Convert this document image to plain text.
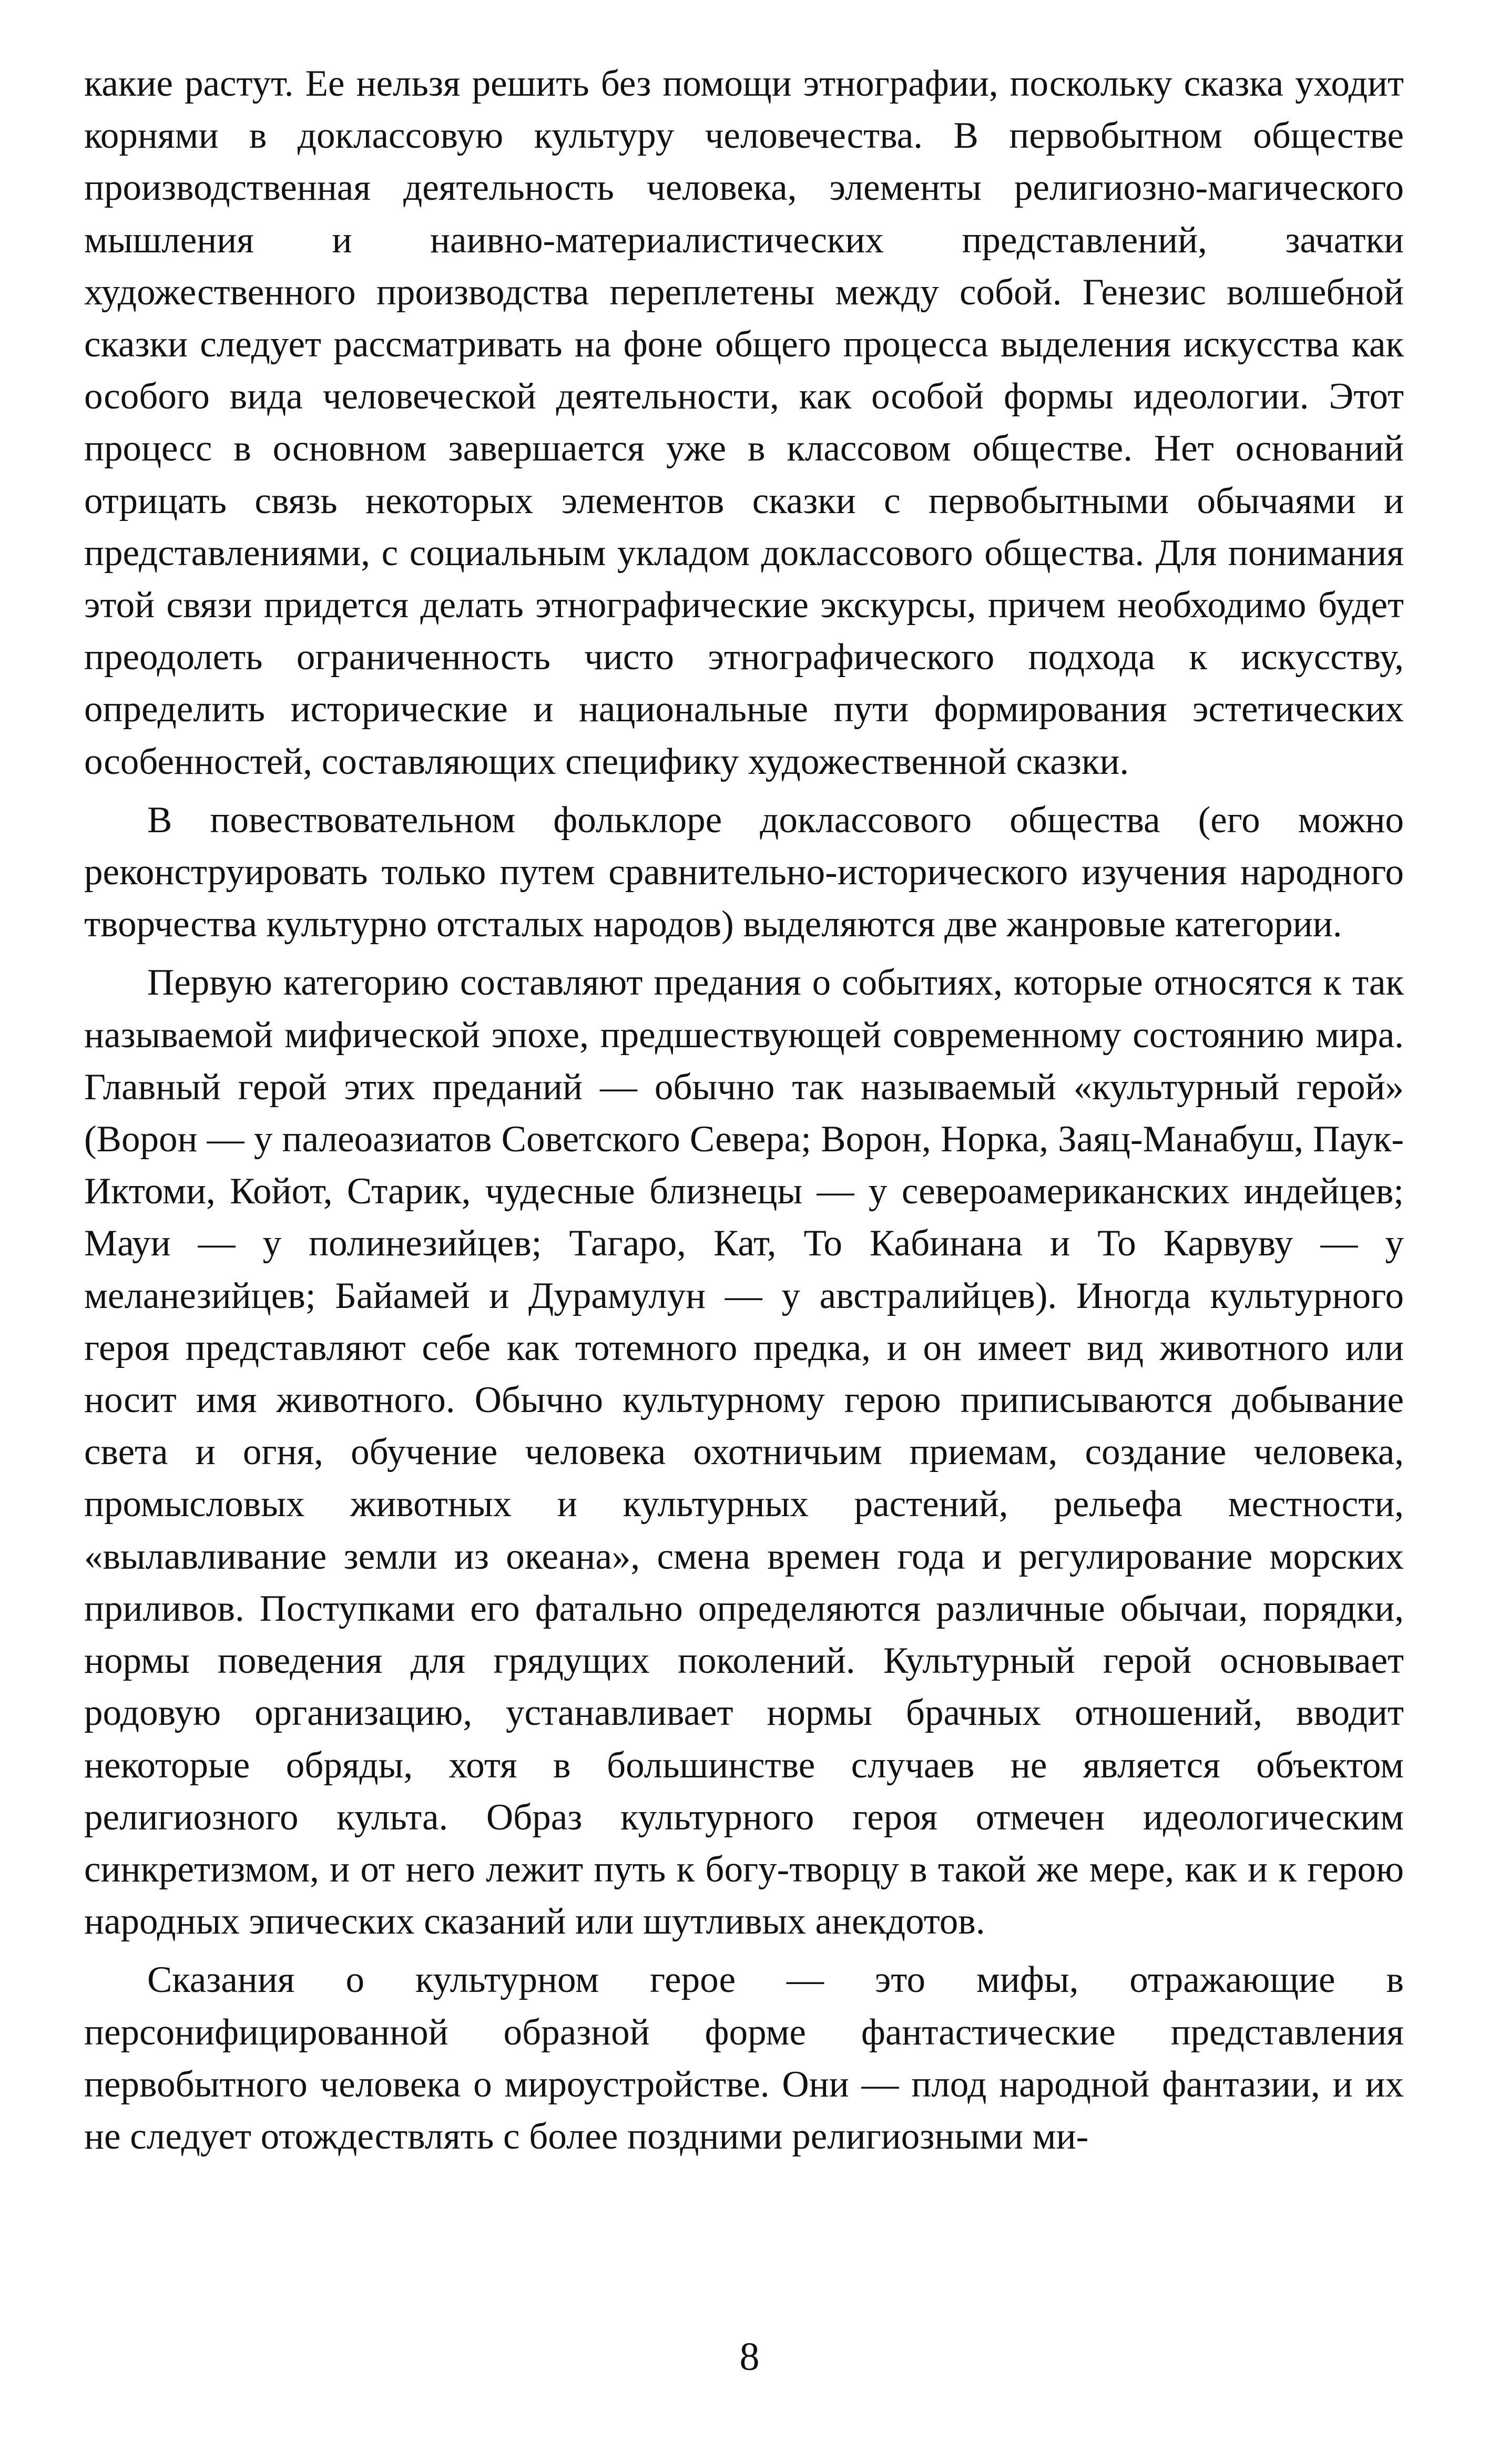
какие растут. Ее нельзя решить без помощи этнографии, поскольку сказка уходит корнями в доклассовую культуру человечества. В первобытном обществе производственная деятельность человека, элементы религиозно-магического мышления и наивно-материалистических представлений, зачатки художественного производства переплетены между собой. Генезис волшебной сказки следует рассматривать на фоне общего процесса выделения искусства как особого вида человеческой деятельности, как особой формы идеологии. Этот процесс в основном завершается уже в классовом обществе. Нет оснований отрицать связь некоторых элементов сказки с первобытными обычаями и представлениями, с социальным укладом доклассового общества. Для понимания этой связи придется делать этнографические экскурсы, причем необходимо будет преодолеть ограниченность чисто этнографического подхода к искусству, определить исторические и национальные пути формирования эстетических особенностей, составляющих специфику художественной сказки.

В повествовательном фольклоре доклассового общества (его можно реконструировать только путем сравнительно-исторического изучения народного творчества культурно отсталых народов) выделяются две жанровые категории.

Первую категорию составляют предания о событиях, которые относятся к так называемой мифической эпохе, предшествующей современному состоянию мира. Главный герой этих преданий — обычно так называемый «культурный герой» (Ворон — у палеоазиатов Советского Севера; Ворон, Норка, Заяц-Манабуш, Паук-Иктоми, Койот, Старик, чудесные близнецы — у североамериканских индейцев; Мауи — у полинезийцев; Тагаро, Кат, То Кабинана и То Карвуву — у меланезийцев; Байамей и Дурамулун — у австралийцев). Иногда культурного героя представляют себе как тотемного предка, и он имеет вид животного или носит имя животного. Обычно культурному герою приписываются добывание света и огня, обучение человека охотничьим приемам, создание человека, промысловых животных и культурных растений, рельефа местности, «вылавливание земли из океана», смена времен года и регулирование морских приливов. Поступками его фатально определяются различные обычаи, порядки, нормы поведения для грядущих поколений. Культурный герой основывает родовую организацию, устанавливает нормы брачных отношений, вводит некоторые обряды, хотя в большинстве случаев не является объектом религиозного культа. Образ культурного героя отмечен идеологическим синкретизмом, и от него лежит путь к богу-творцу в такой же мере, как и к герою народных эпических сказаний или шутливых анекдотов.

Сказания о культурном герое — это мифы, отражающие в персонифицированной образной форме фантастические представления первобытного человека о мироустройстве. Они — плод народной фантазии, и их не следует отождествлять с более поздними религиозными ми-

8
